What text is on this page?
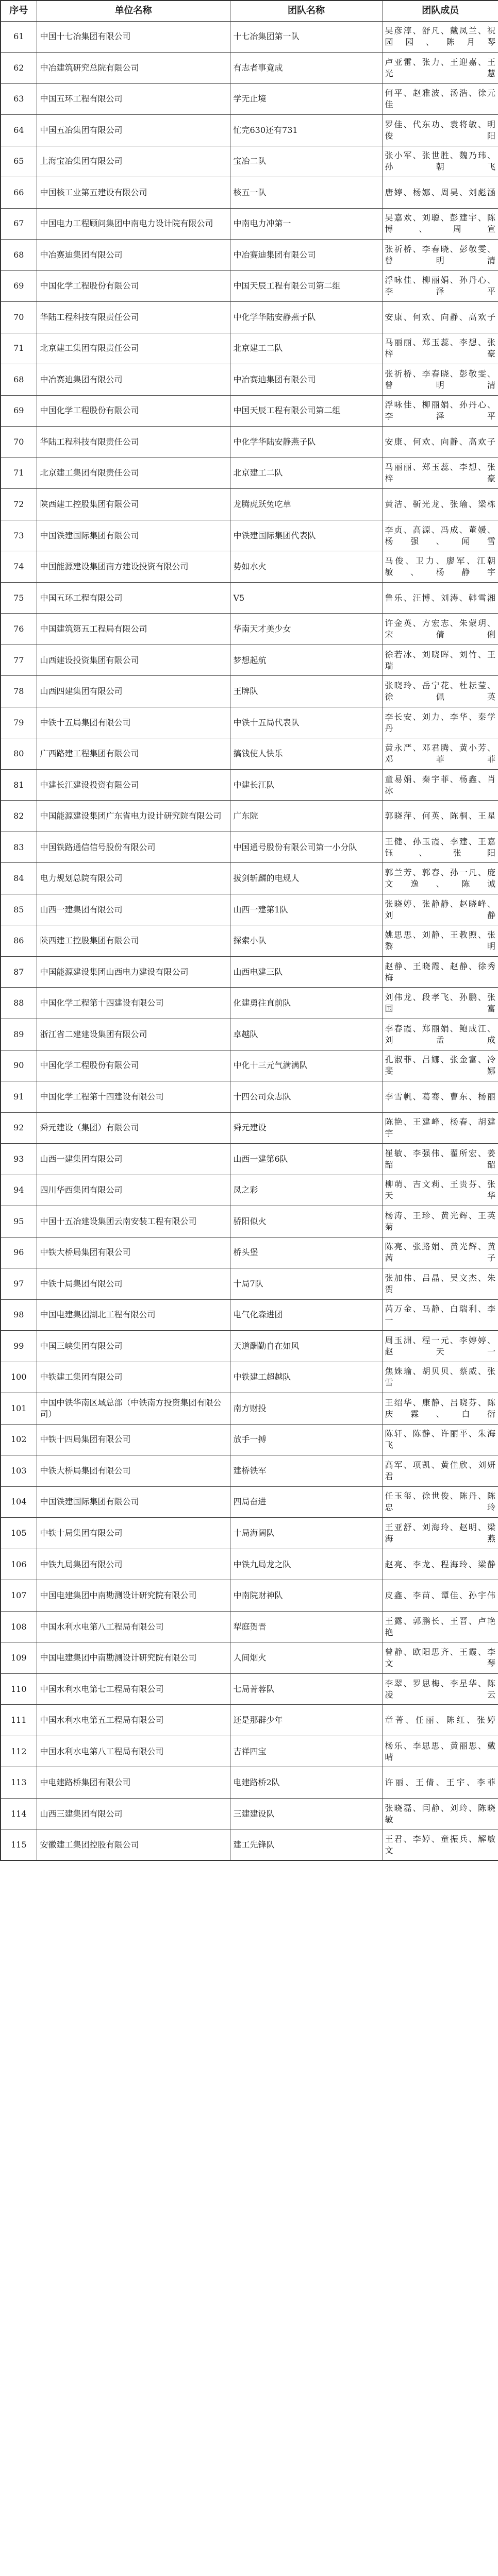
序号	单位名称	团队名称	团队成员
61	中国十七冶集团有限公司	十七冶集团第一队	吴彦淳、舒凡、戴凤兰、祝园园、陈月琴
62	中冶建筑研究总院有限公司	有志者事竟成	卢亚雷、张力、王迎嘉、王光慧
63	中国五环工程有限公司	学无止境	何平、赵雅波、汤浩、徐元佳
64	中国五冶集团有限公司	忙完630还有731	罗佳、代东功、袁将敏、明俊阳
65	上海宝冶集团有限公司	宝冶二队	张小军、张世胜、魏乃玮、孙朝飞
66	中国核工业第五建设有限公司	核五一队	唐婷、杨娜、周昊、刘彪涵
67	中国电力工程顾问集团中南电力设计院有限公司	中南电力冲第一	吴嘉欢、刘聪、彭建宇、陈博、周宣
68	中冶赛迪集团有限公司	中冶赛迪集团有限公司	张祈桥、李春晓、彭敬雯、曾明清
69	中国化学工程股份有限公司	中国天辰工程有限公司第二组	浮咏佳、柳丽娟、孙丹心、李泽平
70	华陆工程科技有限责任公司	中化学华陆安静燕子队	安康、何欢、向静、高欢子
71	北京建工集团有限责任公司	北京建工二队	马丽丽、郑玉蕊、李想、张梓豪
68	中冶赛迪集团有限公司	中冶赛迪集团有限公司	张祈桥、李春晓、彭敬雯、曾明清
69	中国化学工程股份有限公司	中国天辰工程有限公司第二组	浮咏佳、柳丽娟、孙丹心、李泽平
70	华陆工程科技有限责任公司	中化学华陆安静燕子队	安康、何欢、向静、高欢子
71	北京建工集团有限责任公司	北京建工二队	马丽丽、郑玉蕊、李想、张梓豪
72	陕西建工控股集团有限公司	龙腾虎跃兔吃草	黄洁、靳光龙、张瑜、梁栋
73	中国铁建国际集团有限公司	中铁建国际集团代表队	李贞、高源、冯成、董媛、杨强、闻雪
74	中国能源建设集团南方建设投资有限公司	势如水火	马俊、卫力、廖军、江朝敏、杨静宇
75	中国五环工程有限公司	V5	鲁乐、汪博、刘涛、韩雪湘
76	中国建筑第五工程局有限公司	华南天才美少女	许金英、方宏志、朱蒙玥、宋倩俐
77	山西建设投资集团有限公司	梦想起航	徐若冰、刘晓晖、刘竹、王瑞
78	山西四建集团有限公司	王牌队	张晓玲、岳宁花、杜耘莹、徐佩英
79	中铁十五局集团有限公司	中铁十五局代表队	李长安、刘力、李华、秦学丹
80	广西路建工程集团有限公司	搞钱使人快乐	黄永严、邓君腾、黄小芳、邓菲菲
81	中建长江建设投资有限公司	中建长江队	童易娟、秦宇菲、杨鑫、肖冰
82	中国能源建设集团广东省电力设计研究院有限公司	广东院	郭晓萍、何英、陈桐、王星
83	中国铁路通信信号股份有限公司	中国通号股份有限公司第一小分队	王健、孙玉霞、李建、王嘉钰、张阳
84	电力规划总院有限公司	拔剑斩麟的电规人	郭兰芳、郭春、孙一凡、庞文逸、陈诚
85	山西一建集团有限公司	山西一建第1队	张晓婷、张静静、赵晓峰、刘静
86	陕西建工控股集团有限公司	探索小队	姚思思、刘静、王教煦、张黎明
87	中国能源建设集团山西电力建设有限公司	山西电建三队	赵静、王晓霞、赵静、徐秀梅
88	中国化学工程第十四建设有限公司	化建勇往直前队	刘伟龙、段孝飞、孙鹏、张国富
89	浙江省二建建设集团有限公司	卓越队	李春霞、郑丽娟、鲍成江、刘孟成
90	中国化学工程股份有限公司	中化十三元气满满队	孔淑菲、吕娜、张金富、冷斐娜
91	中国化学工程第十四建设有限公司	十四公司众志队	李雪帆、葛骞、曹东、杨丽
92	舜元建设（集团）有限公司	舜元建设	陈艳、王建峰、杨春、胡建宇
93	山西一建集团有限公司	山西一建第6队	崔敏、李强伟、翟所宏、姜韶韶
94	四川华西集团有限公司	凤之彩	柳萌、吉文莉、王贵芬、张天华
95	中国十五冶建设集团云南安装工程有限公司	骄阳似火	杨涛、王珍、黄光辉、王英菊
96	中铁大桥局集团有限公司	桥头堡	陈亮、张路娟、黄光辉、黄茜子
97	中铁十局集团有限公司	十局7队	张加伟、吕晶、吴文杰、朱贺
98	中国电建集团湖北工程有限公司	电气化森进团	芮万金、马静、白瑞利、李一
99	中国三峡集团有限公司	天道酬勤自在如风	周玉洲、程一元、李婷婷、赵天一
100	中铁建工集团有限公司	中铁建工超越队	焦姝瑜、胡贝贝、蔡威、张雪
101	中国中铁华南区域总部（中铁南方投资集团有限公司）	南方财投	王绍华、康静、吕晓芬、陈庆霖、白衍
102	中铁十四局集团有限公司	放手一搏	陈轩、陈静、许丽平、朱海飞
103	中铁大桥局集团有限公司	建桥铁军	高军、项凯、黄佳欣、刘妍君
104	中国铁建国际集团有限公司	四局奋进	任玉玺、徐世俊、陈丹、陈忠玲
105	中铁十局集团有限公司	十局海阔队	王亚舒、刘海玲、赵明、梁海燕
106	中铁九局集团有限公司	中铁九局龙之队	赵亮、李龙、程海玲、梁静
107	中国电建集团中南勘测设计研究院有限公司	中南院财神队	皮鑫、李苗、谭佳、孙宇伟
108	中国水利水电第八工程局有限公司	犁庭贺晋	王露、郭鹏长、王晋、卢艳艳
109	中国电建集团中南勘测设计研究院有限公司	人间烟火	曾静、欧阳思齐、王霞、李文琴
110	中国水利水电第七工程局有限公司	七局菁蓉队	李翠、罗思梅、李星华、陈凌云
111	中国水利水电第五工程局有限公司	还是那群少年	章菁、任丽、陈红、张婷
112	中国水利水电第八工程局有限公司	吉祥四宝	杨乐、李思思、黄丽思、戴晴
113	中电建路桥集团有限公司	电建路桥2队	许丽、王倩、王宇、李菲
114	山西三建集团有限公司	三建建设队	张晓磊、闫静、刘玲、陈晓敏
115	安徽建工集团控股有限公司	建工先锋队	王君、李婷、童振兵、解敏文
